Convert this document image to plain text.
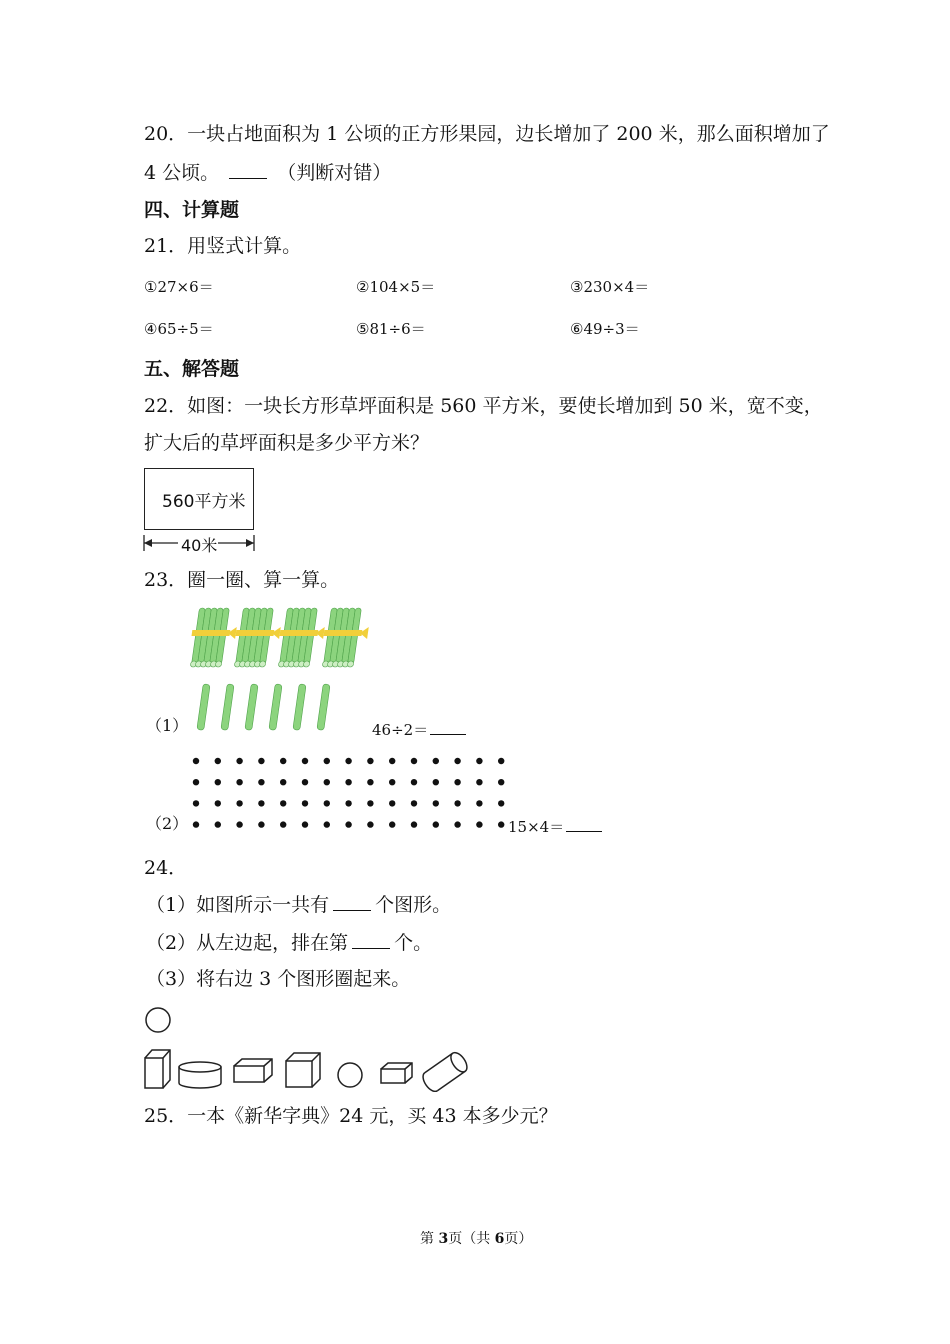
20．一块占地面积为 1 公顷的正方形果园，边长增加了 200 米，那么面积增加了
4 公顷。	（判断对错）
四、计算题
21．用竖式计算。
①27×6＝	②104×5＝	③230×4＝
④65÷5＝	⑤81÷6＝	⑥49÷3＝
五、解答题
22．如图：一块长方形草坪面积是 560 平方米，要使长增加到 50 米，宽不变，
扩大后的草坪面积是多少平方米？
560平方米
40米
23．圈一圈、算一算。
（1）	46÷2＝
（2）	15×4＝
24．
（1）如图所示一共有 个图形。
（2）从左边起，排在第 个。
（3）将右边 3 个图形圈起来。
25．一本《新华字典》24 元，买 43 本多少元？
第 3页（共 6页）
